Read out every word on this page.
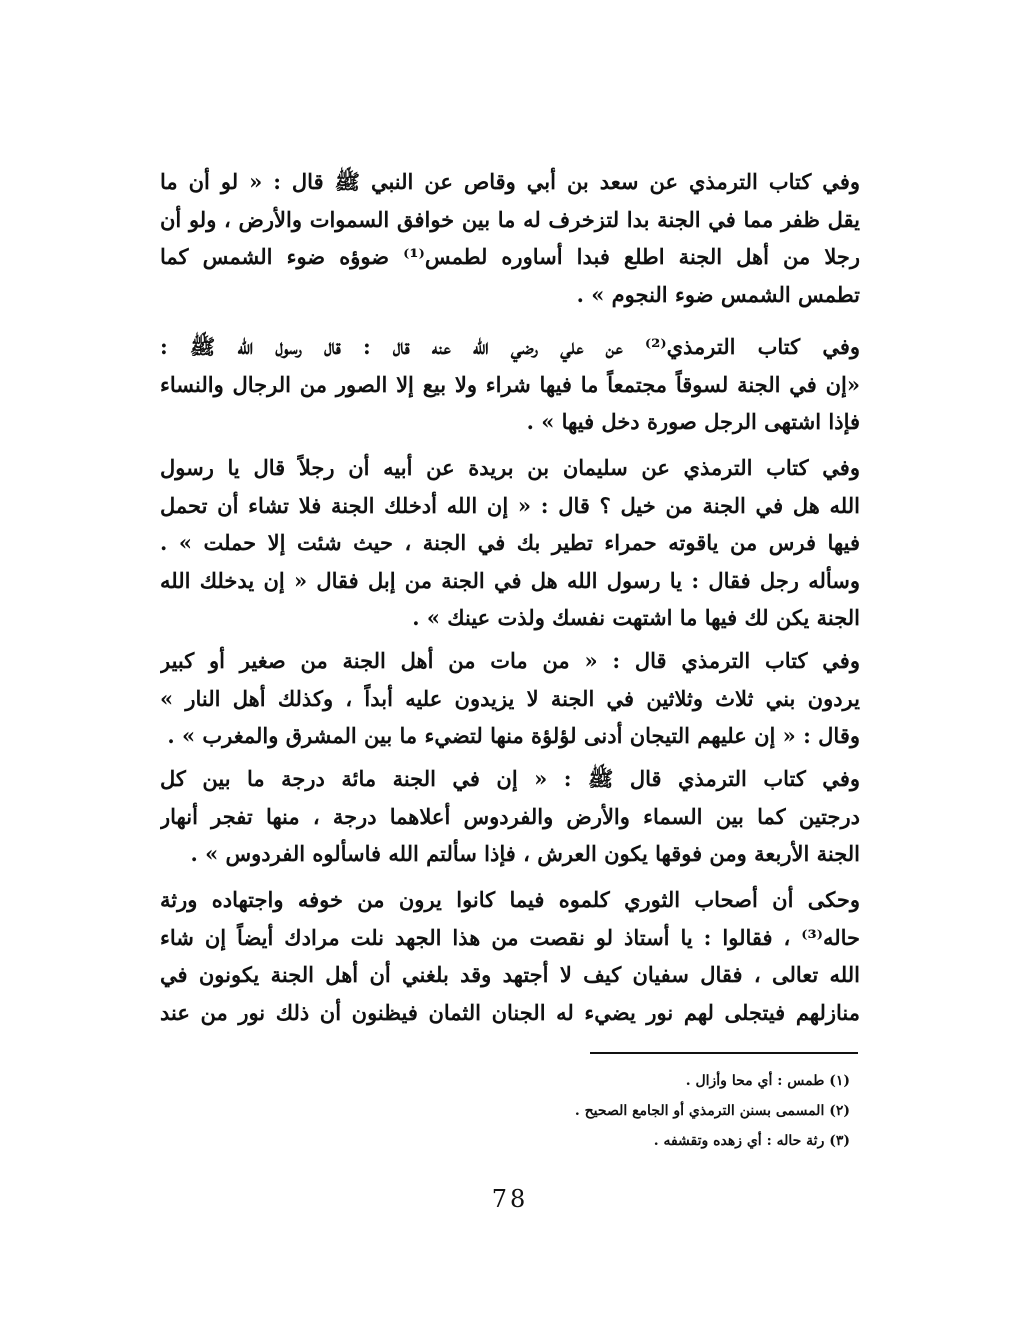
وفي كتاب الترمذي عن سعد بن أبي وقاص عن النبي ﷺ قال : « لو أن ما
يقل ظفر مما في الجنة بدا لتزخرف له ما بين خوافق السموات والأرض ، ولو أن
رجلا من أهل الجنة اطلع فبدا أساوره لطمس⁽¹⁾ ضوؤه ضوء الشمس كما
تطمس الشمس ضوء النجوم » .
وفي كتاب الترمذي⁽²⁾ عن علي رضي الله عنه قال : قال رسول الله ﷺ :
«إن في الجنة لسوقاً مجتمعاً ما فيها شراء ولا بيع إلا الصور من الرجال والنساء
فإذا اشتهى الرجل صورة دخل فيها » .
وفي كتاب الترمذي عن سليمان بن بريدة عن أبيه أن رجلاً قال يا رسول
الله هل في الجنة من خيل ؟ قال : « إن الله أدخلك الجنة فلا تشاء أن تحمل
فيها فرس من ياقوته حمراء تطير بك في الجنة ، حيث شئت إلا حملت » .
وسأله رجل فقال : يا رسول الله هل في الجنة من إبل فقال « إن يدخلك الله
الجنة يكن لك فيها ما اشتهت نفسك ولذت عينك » .
وفي كتاب الترمذي قال : « من مات من أهل الجنة من صغير أو كبير
يردون بني ثلاث وثلاثين في الجنة لا يزيدون عليه أبداً ، وكذلك أهل النار »
وقال : « إن عليهم التيجان أدنى لؤلؤة منها لتضيء ما بين المشرق والمغرب » .
وفي كتاب الترمذي قال ﷺ : « إن في الجنة مائة درجة ما بين كل
درجتين كما بين السماء والأرض والفردوس أعلاهما درجة ، منها تفجر أنهار
الجنة الأربعة ومن فوقها يكون العرش ، فإذا سألتم الله فاسألوه الفردوس » .
وحكى أن أصحاب الثوري كلموه فيما كانوا يرون من خوفه واجتهاده ورثة
حاله⁽³⁾ ، فقالوا : يا أستاذ لو نقصت من هذا الجهد نلت مرادك أيضاً إن شاء
الله تعالى ، فقال سفيان كيف لا أجتهد وقد بلغني أن أهل الجنة يكونون في
منازلهم فيتجلى لهم نور يضيء له الجنان الثمان فيظنون أن ذلك نور من عند
(١) طمس : أي محا وأزال .
(٢) المسمى بسنن الترمذي أو الجامع الصحيح .
(٣) رثة حاله : أي زهده وتقشفه .
78
